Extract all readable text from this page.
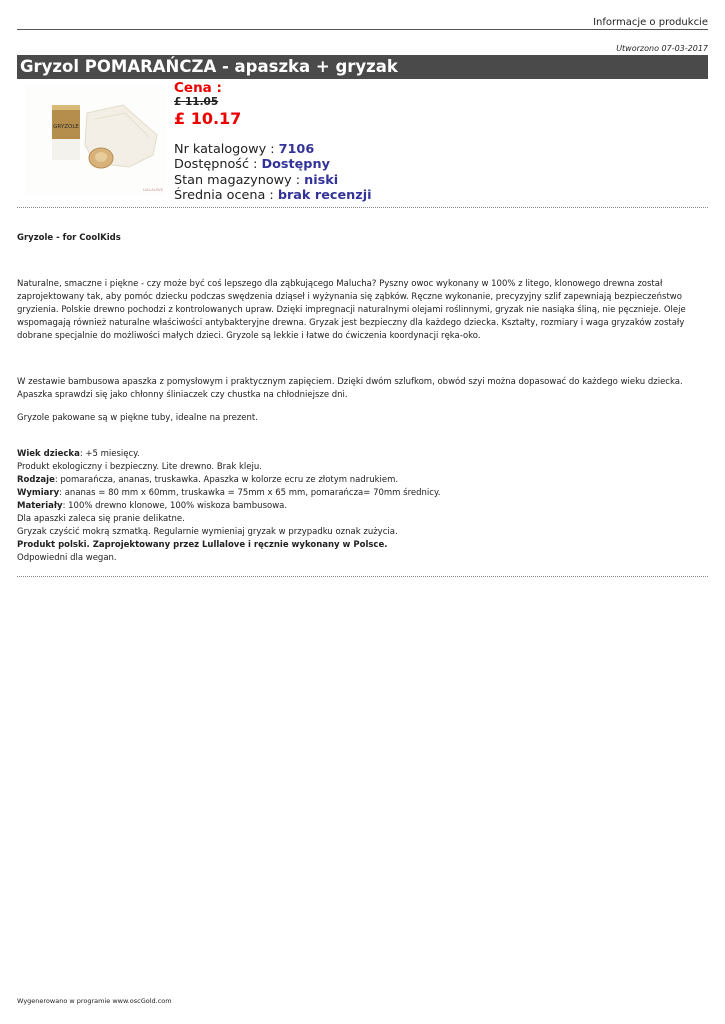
Informacje o produkcie
Utworzono 07-03-2017
Gryzol POMARAŃCZA - apaszka + gryzak
GRYZOLE
LULLALOVE
Cena :
£ 11.05
£ 10.17
Nr katalogowy : 7106
Dostępność : Dostępny
Stan magazynowy : niski
Średnia ocena : brak recenzji

Gryzole - for CoolKids

Naturalne, smaczne i piękne - czy może być coś lepszego dla ząbkującego Malucha? Pyszny owoc wykonany w 100% z litego, klonowego drewna został zaprojektowany tak, aby pomóc dziecku podczas swędzenia dziąseł i wyżynania się ząbków. Ręczne wykonanie, precyzyjny szlif zapewniają bezpieczeństwo gryzienia. Polskie drewno pochodzi z kontrolowanych upraw. Dzięki impregnacji naturalnymi olejami roślinnymi, gryzak nie nasiąka śliną, nie pęcznieje. Oleje wspomagają również naturalne właściwości antybakteryjne drewna. Gryzak jest bezpieczny dla każdego dziecka. Kształty, rozmiary i waga gryzaków zostały dobrane specjalnie do możliwości małych dzieci. Gryzole są lekkie i łatwe do ćwiczenia koordynacji ręka-oko.

W zestawie bambusowa apaszka z pomysłowym i praktycznym zapięciem. Dzięki dwóm szlufkom, obwód szyi można dopasować do każdego wieku dziecka. Apaszka sprawdzi się jako chłonny śliniaczek czy chustka na chłodniejsze dni.

Gryzole pakowane są w piękne tuby, idealne na prezent.

Wiek dziecka: +5 miesięcy.

Produkt ekologiczny i bezpieczny. Lite drewno. Brak kleju.

Rodzaje: pomarańcza, ananas, truskawka. Apaszka w kolorze ecru ze złotym nadrukiem.

Wymiary: ananas = 80 mm x 60mm, truskawka = 75mm x 65 mm, pomarańcza= 70mm średnicy.

Materiały: 100% drewno klonowe, 100% wiskoza bambusowa.

Dla apaszki zaleca się pranie delikatne.

Gryzak czyścić mokrą szmatką. Regularnie wymieniaj gryzak w przypadku oznak zużycia.

Produkt polski. Zaprojektowany przez Lullalove i ręcznie wykonany w Polsce.

Odpowiedni dla wegan.

Wygenerowano w programie www.oscGold.com
